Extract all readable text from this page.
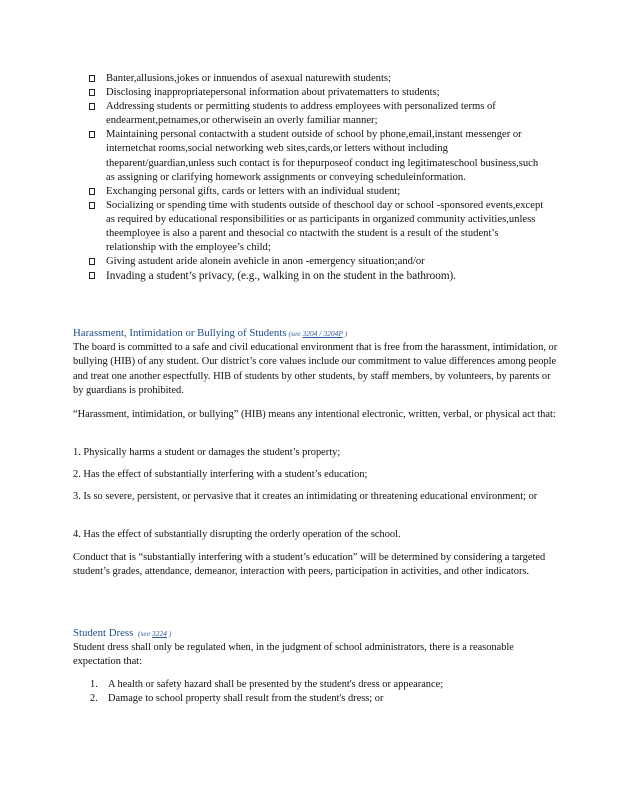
Banter,allusions,jokes or innuendos of asexual naturewith students;
Disclosing inappropriatepersonal information about privatematters to students;
Addressing students or permitting students to address employees with personalized terms of endearment,petnames,or otherwisein an overly familiar manner;
Maintaining personal contactwith a student outside of school by phone,email,instant messenger or internetchat rooms,social networking web sites,cards,or letters without including theparent/guardian,unless such contact is for thepurposeof conduct ing legitimateschool business,such as assigning or clarifying homework assignments or conveying scheduleinformation.
Exchanging personal gifts, cards or letters with an individual student;
Socializing or spending time with students outside of theschool day or school -sponsored events,except as required by educational responsibilities or as participants in organized community activities,unless theemployee is also a parent and thesocial co ntactwith the student is a result of the student’s relationship with the employee’s child;
Giving astudent aride alonein avehicle in anon -emergency situation;and/or
Invading a student’s privacy, (e.g., walking in on the student in the bathroom).
Harassment, Intimidation or Bullying of Students (see 3204 / 3204P )

The board is committed to a safe and civil educational environment that is free from the harassment, intimidation, or bullying (HIB) of any student. Our district’s core values include our commitment to value differences among people and treat one another espectfully. HIB of students by other students, by staff members, by volunteers, by parents or by guardians is prohibited.

“Harassment, intimidation, or bullying” (HIB) means any intentional electronic, written, verbal, or physical act that:

1. Physically harms a student or damages the student’s property;

2. Has the effect of substantially interfering with a student’s education;

3. Is so severe, persistent, or pervasive that it creates an intimidating or threatening educational environment; or

4. Has the effect of substantially disrupting the orderly operation of the school.

Conduct that is “substantially interfering with a student’s education” will be determined by considering a targeted student’s grades, attendance, demeanor, interaction with peers, participation in activities, and other indicators.

Student Dress (see 3224 )

Student dress shall only be regulated when, in the judgment of school administrators, there is a reasonable expectation that:

1. A health or safety hazard shall be presented by the student's dress or appearance;
2. Damage to school property shall result from the student's dress; or
